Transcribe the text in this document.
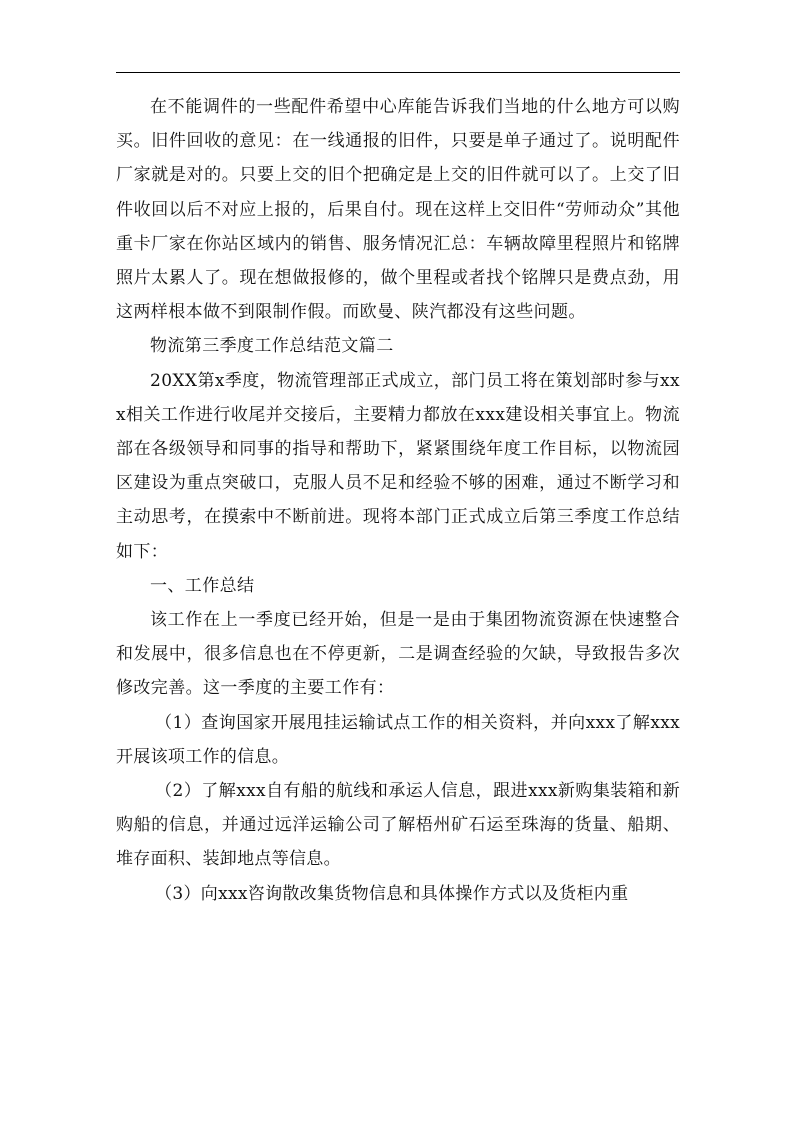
在不能调件的一些配件希望中心库能告诉我们当地的什么地方可以购买。旧件回收的意见：在一线通报的旧件，只要是单子通过了。说明配件厂家就是对的。只要上交的旧个把确定是上交的旧件就可以了。上交了旧件收回以后不对应上报的，后果自付。现在这样上交旧件“劳师动众”其他重卡厂家在你站区域内的销售、服务情况汇总：车辆故障里程照片和铭牌照片太累人了。现在想做报修的，做个里程或者找个铭牌只是费点劲，用这两样根本做不到限制作假。而欧曼、陕汽都没有这些问题。

物流第三季度工作总结范文篇二

20XX第x季度，物流管理部正式成立，部门员工将在策划部时参与xxx相关工作进行收尾并交接后，主要精力都放在xxx建设相关事宜上。物流部在各级领导和同事的指导和帮助下，紧紧围绕年度工作目标，以物流园区建设为重点突破口，克服人员不足和经验不够的困难，通过不断学习和主动思考，在摸索中不断前进。现将本部门正式成立后第三季度工作总结如下：

一、工作总结

该工作在上一季度已经开始，但是一是由于集团物流资源在快速整合和发展中，很多信息也在不停更新，二是调查经验的欠缺，导致报告多次修改完善。这一季度的主要工作有：

（1）查询国家开展甩挂运输试点工作的相关资料，并向xxx了解xxx开展该项工作的信息。

（2）了解xxx自有船的航线和承运人信息，跟进xxx新购集装箱和新购船的信息，并通过远洋运输公司了解梧州矿石运至珠海的货量、船期、堆存面积、装卸地点等信息。

（3）向xxx咨询散改集货物信息和具体操作方式以及货柜内重
